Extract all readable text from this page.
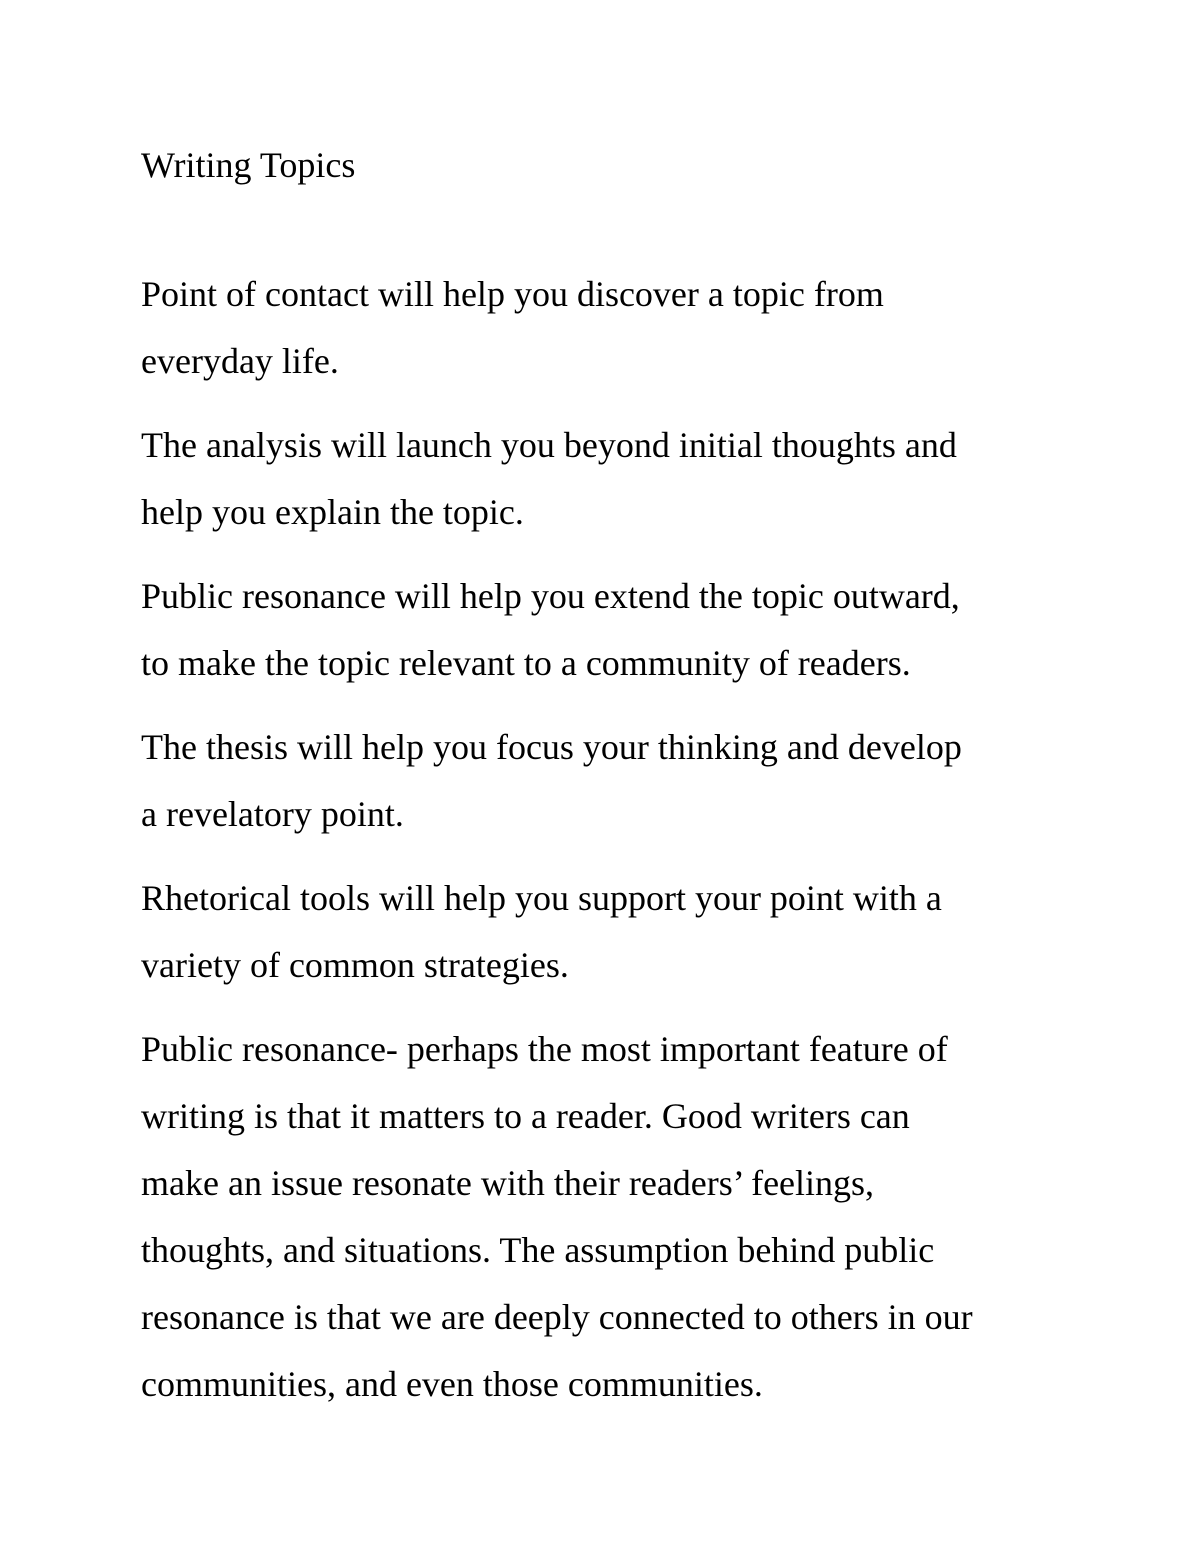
Writing Topics

Point of contact will help you discover a topic from
everyday life.

The analysis will launch you beyond initial thoughts and
help you explain the topic.

Public resonance will help you extend the topic outward,
to make the topic relevant to a community of readers.

The thesis will help you focus your thinking and develop
a revelatory point.

Rhetorical tools will help you support your point with a
variety of common strategies.

Public resonance- perhaps the most important feature of
writing is that it matters to a reader. Good writers can
make an issue resonate with their readers’ feelings,
thoughts, and situations. The assumption behind public
resonance is that we are deeply connected to others in our
communities, and even those communities.
